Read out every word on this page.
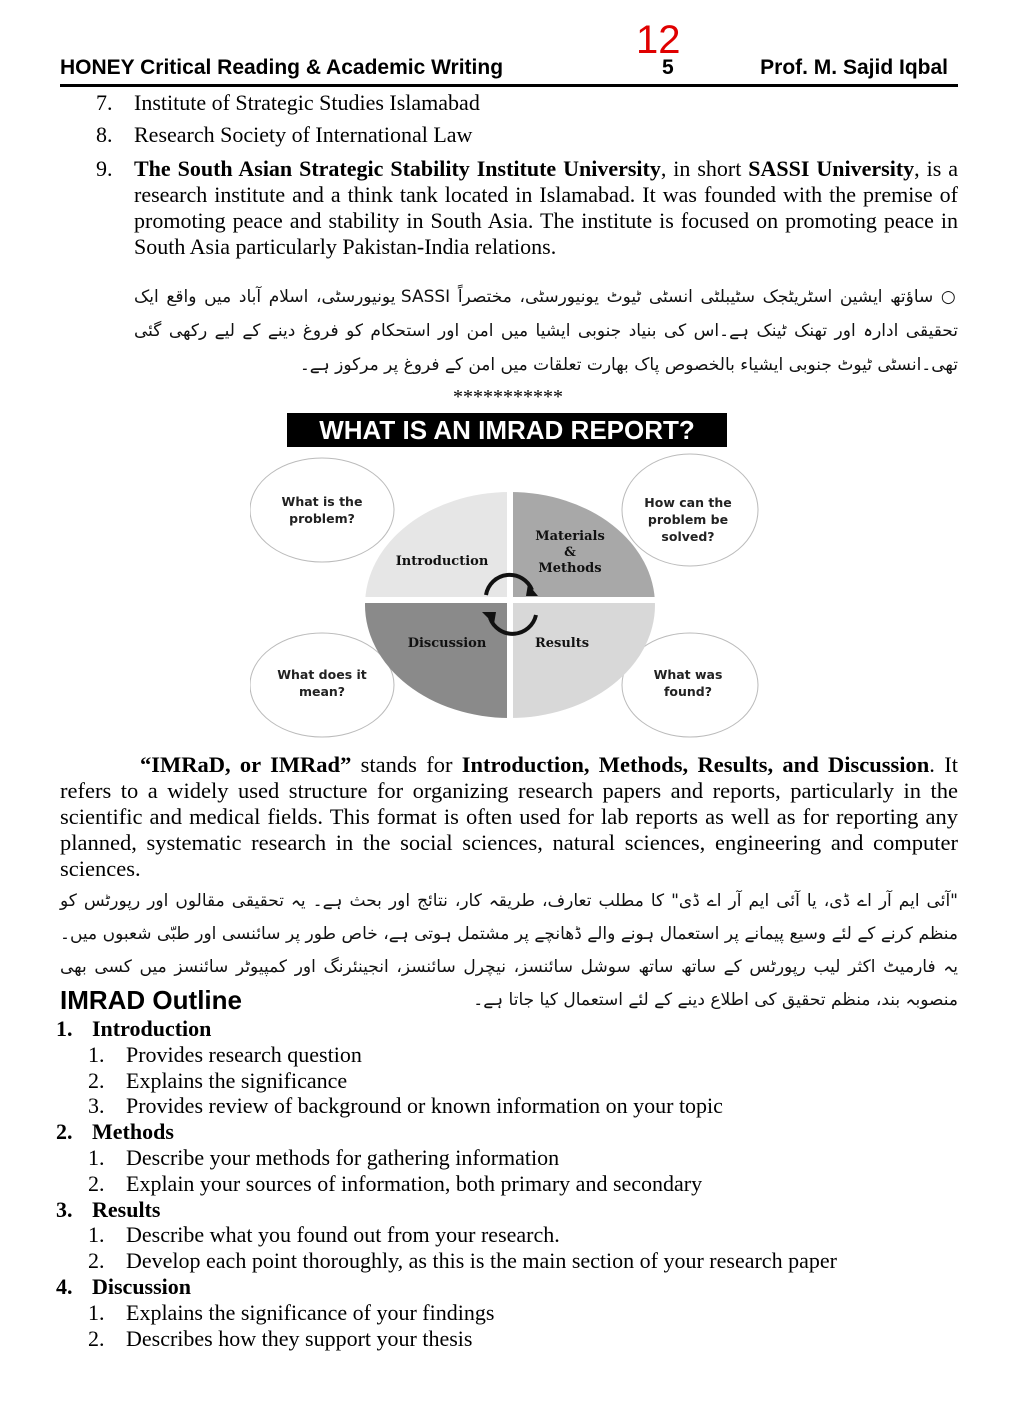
12
HONEY Critical Reading & Academic Writing	5	Prof. M. Sajid Iqbal
7. Institute of Strategic Studies Islamabad
8. Research Society of International Law
9. The South Asian Strategic Stability Institute University, in short SASSI University, is a research institute and a think tank located in Islamabad. It was founded with the premise of promoting peace and stability in South Asia. The institute is focused on promoting peace in South Asia particularly Pakistan-India relations.
○ ساؤتھ ایشین اسٹریٹجک سٹیبلٹی انسٹی ٹیوٹ یونیورسٹی، مختصراً SASSI یونیورسٹی، اسلام آباد میں واقع ایک تحقیقی ادارہ اور تھنک ٹینک ہے۔اس کی بنیاد جنوبی ایشیا میں امن اور استحکام کو فروغ دینے کے لیے رکھی گئی تھی۔انسٹی ٹیوٹ جنوبی ایشیاء بالخصوص پاک بھارت تعلقات میں امن کے فروغ پر مرکوز ہے۔
***********
WHAT IS AN IMRAD REPORT?
Introduction
Materials
&
Methods
Results
Discussion
What is the
problem?
How can the
problem be
solved?
What does it
mean?
What was
found?
“IMRaD, or IMRad” stands for Introduction, Methods, Results, and Discussion. It refers to a widely used structure for organizing research papers and reports, particularly in the scientific and medical fields. This format is often used for lab reports as well as for reporting any planned, systematic research in the social sciences, natural sciences, engineering and computer sciences.
"آئی ایم آر اے ڈی، یا آئی ایم آر اے ڈی" کا مطلب تعارف، طریقہ کار، نتائج اور بحث ہے۔ یہ تحقیقی مقالوں اور رپورٹس کو منظم کرنے کے لئے وسیع پیمانے پر استعمال ہونے والے ڈھانچے پر مشتمل ہوتی ہے، خاص طور پر سائنسی اور طبّی شعبوں میں۔ یہ فارمیٹ اکثر لیب رپورٹس کے ساتھ ساتھ سوشل سائنسز، نیچرل سائنسز، انجینئرنگ اور کمپیوٹر سائنسز میں کسی بھی منصوبہ بند، منظم تحقیق کی اطلاع دینے کے لئے استعمال کیا جاتا ہے۔
IMRAD Outline
1. Introduction
1. Provides research question
2. Explains the significance
3. Provides review of background or known information on your topic
2. Methods
1. Describe your methods for gathering information
2. Explain your sources of information, both primary and secondary
3. Results
1. Describe what you found out from your research.
2. Develop each point thoroughly, as this is the main section of your research paper
4. Discussion
1. Explains the significance of your findings
2. Describes how they support your thesis
